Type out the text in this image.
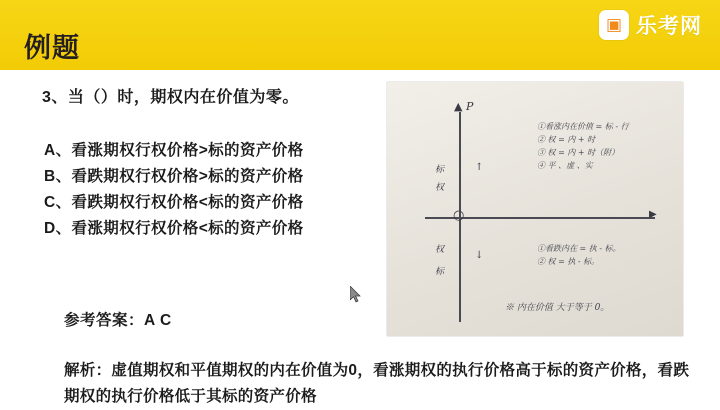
例题
▣ 乐考网
3、当（）时，期权内在价值为零。
A、看涨期权行权价格>标的资产价格
B、看跌期权行权价格>标的资产价格
C、看跌期权行权价格<标的资产价格
D、看涨期权行权价格<标的资产价格
参考答案：A C
解析：虚值期权和平值期权的内在价值为0，看涨期权的执行价格高于标的资产价格，看跌期权的执行价格低于其标的资产价格
▲
▶
P
标
权
权
标
↑
↓
○
①看涨内在价值 = 标 - 行
② 权 = 内 + 时
③ 权 = 内 + 时（附）
④ 平 、虚 、实
①看跌内在 = 执 - 标。
② 权 = 执 - 标。
※ 内在价值 大于等于 0。
